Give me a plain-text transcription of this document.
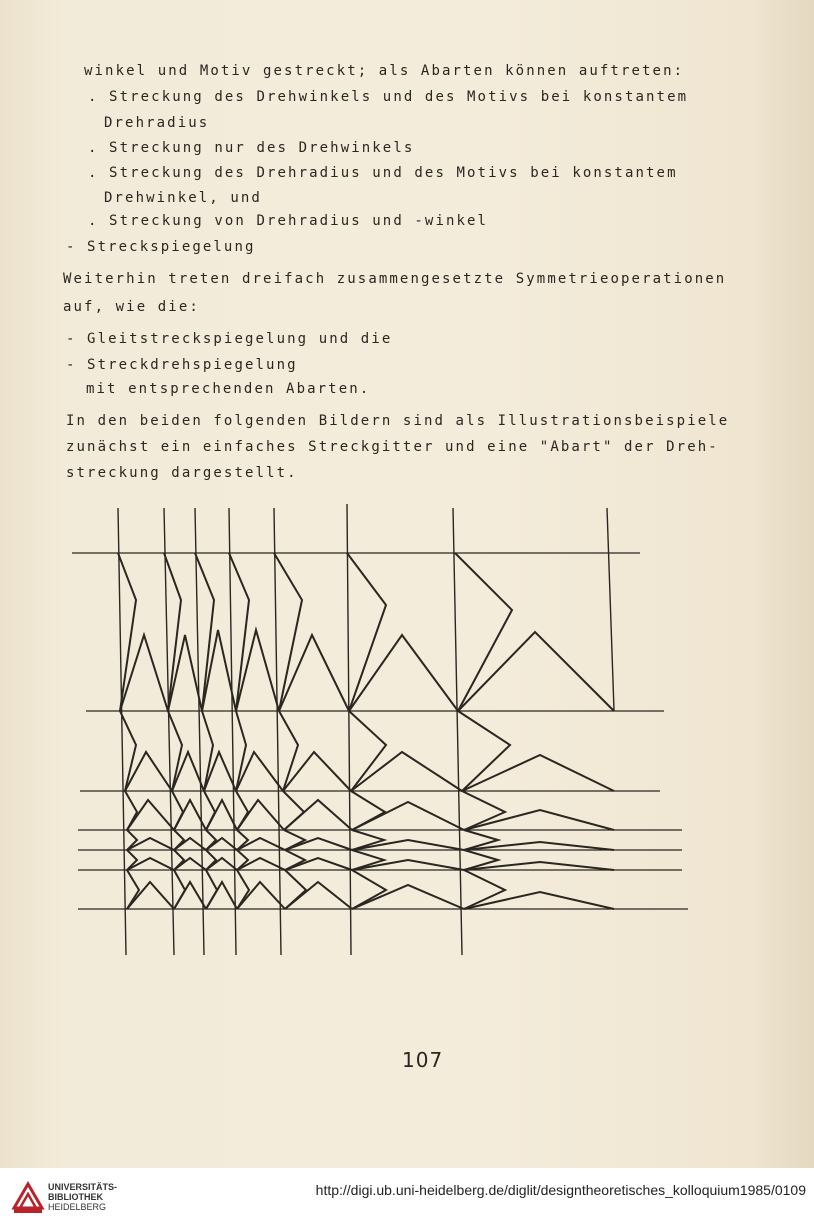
winkel und Motiv gestreckt; als Abarten können auftreten:

. Streckung des Drehwinkels und des Motivs bei konstantem

Drehradius

. Streckung nur des Drehwinkels

. Streckung des Drehradius und des Motivs bei konstantem

Drehwinkel, und

. Streckung von Drehradius und -winkel

- Streckspiegelung

Weiterhin treten dreifach zusammengesetzte Symmetrieoperationen

auf, wie die:

- Gleitstreckspiegelung und die

- Streckdrehspiegelung

mit entsprechenden Abarten.

In den beiden folgenden Bildern sind als Illustrationsbeispiele

zunächst ein einfaches Streckgitter und eine "Abart" der Dreh-

streckung dargestellt.

107
UNIVERSITÄTS-
BIBLIOTHEK
HEIDELBERG
http://digi.ub.uni-heidelberg.de/diglit/designtheoretisches_kolloquium1985/0109
